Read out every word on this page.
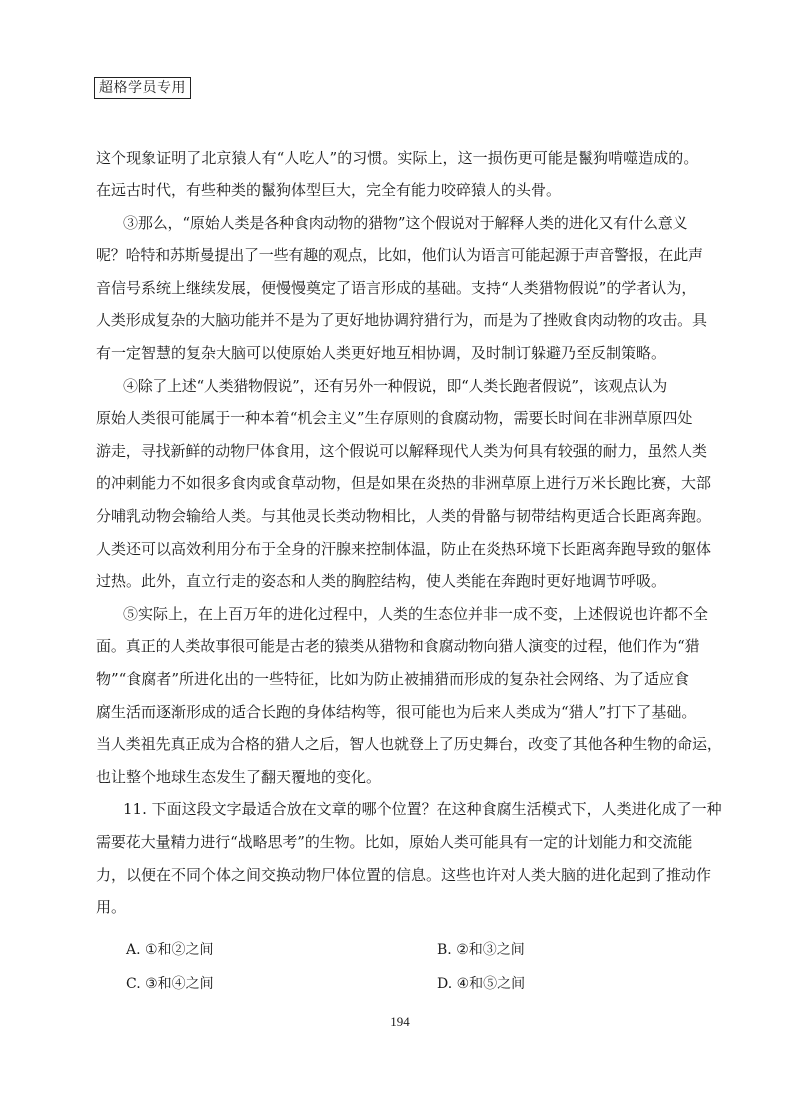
超格学员专用
这个现象证明了北京猿人有“人吃人”的习惯。实际上，这一损伤更可能是鬣狗啃噬造成的。
在远古时代，有些种类的鬣狗体型巨大，完全有能力咬碎猿人的头骨。
③那么，“原始人类是各种食肉动物的猎物”这个假说对于解释人类的进化又有什么意义
呢？哈特和苏斯曼提出了一些有趣的观点，比如，他们认为语言可能起源于声音警报，在此声
音信号系统上继续发展，便慢慢奠定了语言形成的基础。支持“人类猎物假说”的学者认为，
人类形成复杂的大脑功能并不是为了更好地协调狩猎行为，而是为了挫败食肉动物的攻击。具
有一定智慧的复杂大脑可以使原始人类更好地互相协调，及时制订躲避乃至反制策略。
④除了上述“人类猎物假说”，还有另外一种假说，即“人类长跑者假说”，该观点认为
原始人类很可能属于一种本着“机会主义”生存原则的食腐动物，需要长时间在非洲草原四处
游走，寻找新鲜的动物尸体食用，这个假说可以解释现代人类为何具有较强的耐力，虽然人类
的冲刺能力不如很多食肉或食草动物，但是如果在炎热的非洲草原上进行万米长跑比赛，大部
分哺乳动物会输给人类。与其他灵长类动物相比，人类的骨骼与韧带结构更适合长距离奔跑。
人类还可以高效利用分布于全身的汗腺来控制体温，防止在炎热环境下长距离奔跑导致的躯体
过热。此外，直立行走的姿态和人类的胸腔结构，使人类能在奔跑时更好地调节呼吸。
⑤实际上，在上百万年的进化过程中，人类的生态位并非一成不变，上述假说也许都不全
面。真正的人类故事很可能是古老的猿类从猎物和食腐动物向猎人演变的过程，他们作为“猎
物”“食腐者”所进化出的一些特征，比如为防止被捕猎而形成的复杂社会网络、为了适应食
腐生活而逐渐形成的适合长跑的身体结构等，很可能也为后来人类成为“猎人”打下了基础。
当人类祖先真正成为合格的猎人之后，智人也就登上了历史舞台，改变了其他各种生物的命运，
也让整个地球生态发生了翻天覆地的变化。
11. 下面这段文字最适合放在文章的哪个位置？在这种食腐生活模式下，人类进化成了一种
需要花大量精力进行“战略思考”的生物。比如，原始人类可能具有一定的计划能力和交流能
力，以便在不同个体之间交换动物尸体位置的信息。这些也许对人类大脑的进化起到了推动作
用。
A. ①和②之间	B. ②和③之间
C. ③和④之间	D. ④和⑤之间
194
